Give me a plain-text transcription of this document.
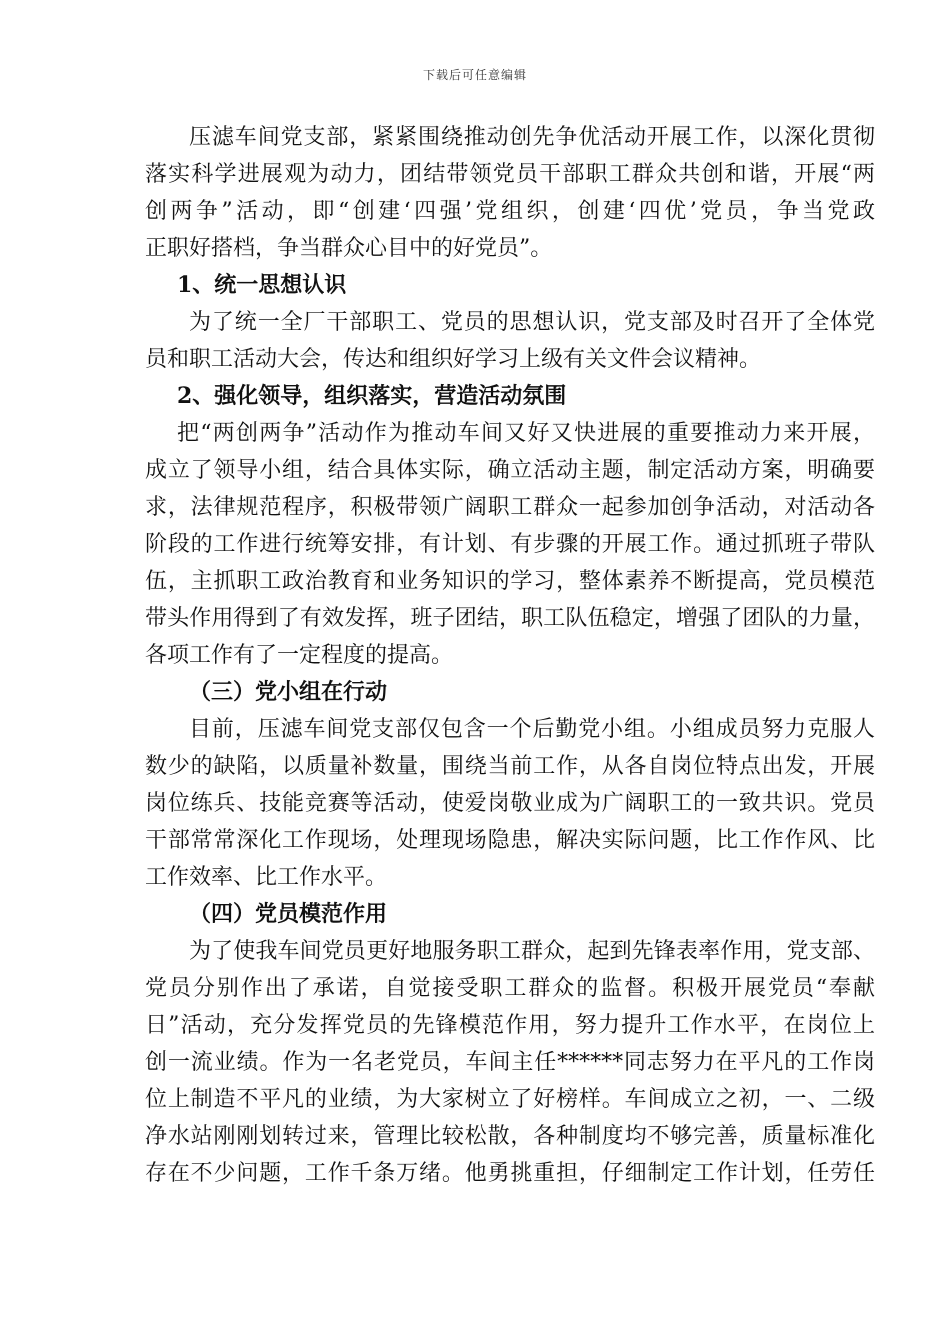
下载后可任意编辑
压滤车间党支部，紧紧围绕推动创先争优活动开展工作，以深化贯彻
落实科学进展观为动力，团结带领党员干部职工群众共创和谐，开展“两
创两争”活动，即“创建‘四强’党组织，创建‘四优’党员，争当党政
正职好搭档，争当群众心目中的好党员”。
1、统一思想认识
为了统一全厂干部职工、党员的思想认识，党支部及时召开了全体党
员和职工活动大会，传达和组织好学习上级有关文件会议精神。
2、强化领导，组织落实，营造活动氛围
把“两创两争”活动作为推动车间又好又快进展的重要推动力来开展，
成立了领导小组，结合具体实际，确立活动主题，制定活动方案，明确要
求，法律规范程序，积极带领广阔职工群众一起参加创争活动，对活动各
阶段的工作进行统筹安排，有计划、有步骤的开展工作。通过抓班子带队
伍，主抓职工政治教育和业务知识的学习，整体素养不断提高，党员模范
带头作用得到了有效发挥，班子团结，职工队伍稳定，增强了团队的力量，
各项工作有了一定程度的提高。
（三）党小组在行动
目前，压滤车间党支部仅包含一个后勤党小组。小组成员努力克服人
数少的缺陷，以质量补数量，围绕当前工作，从各自岗位特点出发，开展
岗位练兵、技能竞赛等活动，使爱岗敬业成为广阔职工的一致共识。党员
干部常常深化工作现场，处理现场隐患，解决实际问题，比工作作风、比
工作效率、比工作水平。
（四）党员模范作用
为了使我车间党员更好地服务职工群众，起到先锋表率作用，党支部、
党员分别作出了承诺，自觉接受职工群众的监督。积极开展党员“奉献
日”活动，充分发挥党员的先锋模范作用，努力提升工作水平，在岗位上
创一流业绩。作为一名老党员，车间主任******同志努力在平凡的工作岗
位上制造不平凡的业绩，为大家树立了好榜样。车间成立之初，一、二级
净水站刚刚划转过来，管理比较松散，各种制度均不够完善，质量标准化
存在不少问题，工作千条万绪。他勇挑重担，仔细制定工作计划，任劳任
